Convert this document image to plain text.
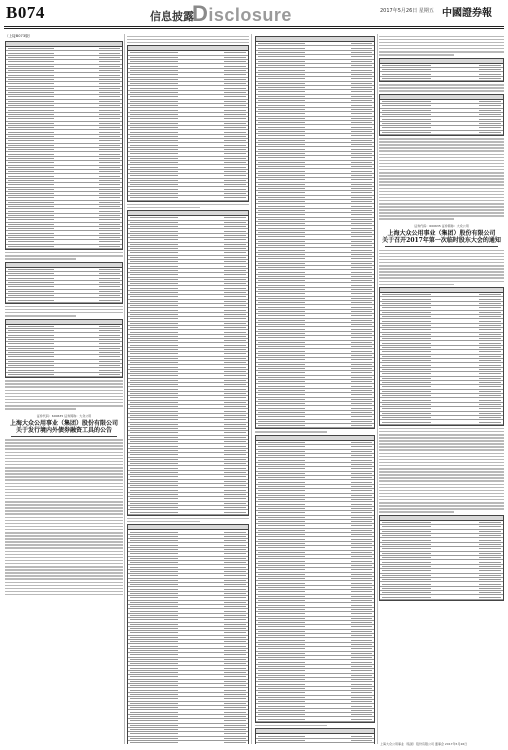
B074	信息披露
Disclosure	2017年5月26日 星期五 中國證券報
（上接B073版）
证券代码：600635 证券简称：大众公用
上海大众公用事业（集团）股份有限公司
关于发行境内外债券融资工具的公告
证券代码：600635 证券简称：大众公用
上海大众公用事业（集团）股份有限公司
关于召开2017年第一次临时股东大会的通知
上海大众公用事业（集团）股份有限公司 董事会 2017年5月26日
